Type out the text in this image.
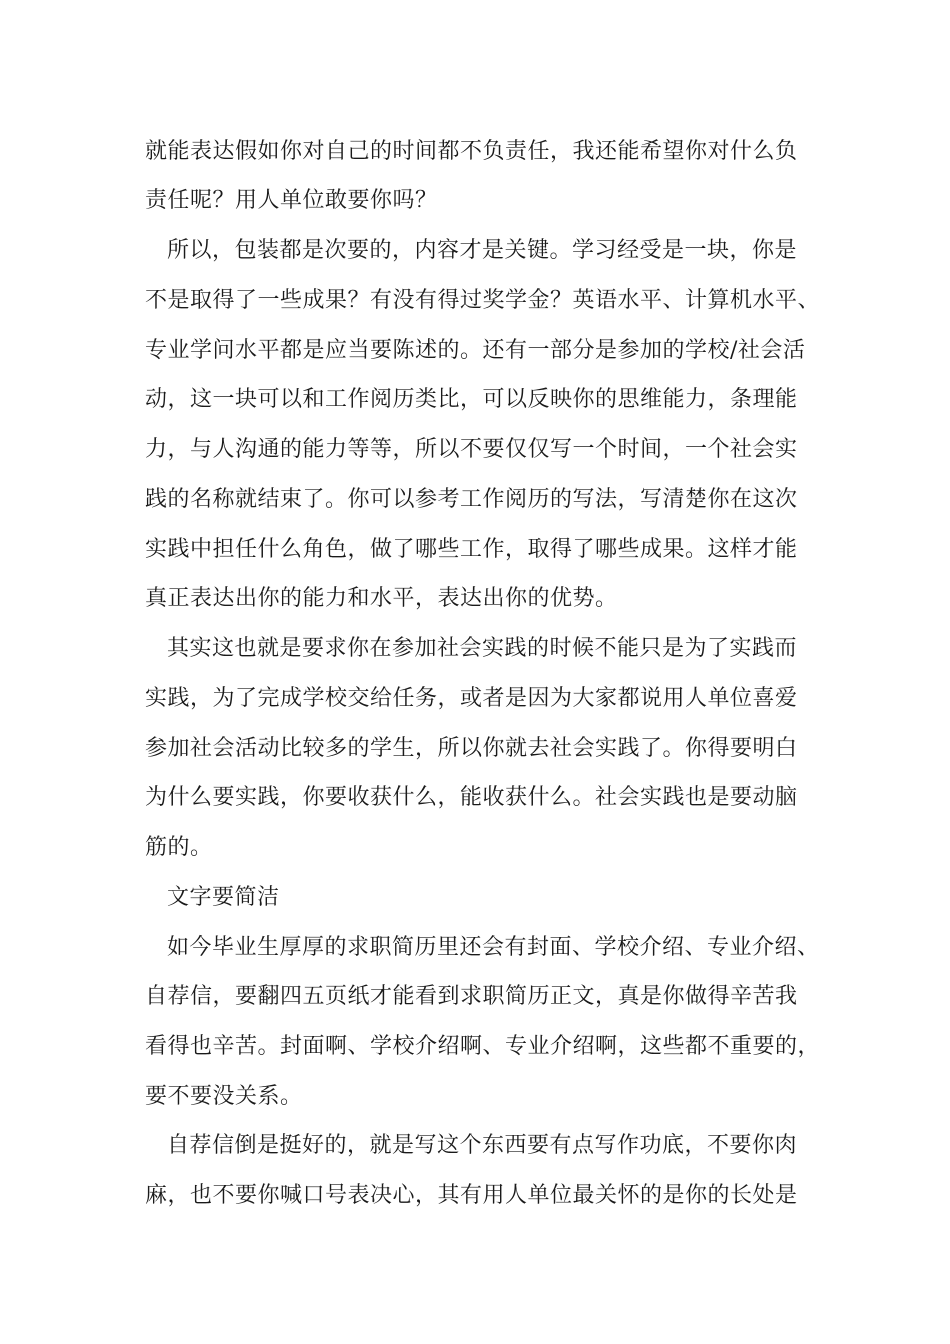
就能表达假如你对自己的时间都不负责任，我还能希望你对什么负

责任呢？用人单位敢要你吗？

所以，包装都是次要的，内容才是关键。学习经受是一块，你是

不是取得了一些成果？有没有得过奖学金？英语水平、计算机水平、

专业学问水平都是应当要陈述的。还有一部分是参加的学校/社会活

动，这一块可以和工作阅历类比，可以反映你的思维能力，条理能

力，与人沟通的能力等等，所以不要仅仅写一个时间，一个社会实

践的名称就结束了。你可以参考工作阅历的写法，写清楚你在这次

实践中担任什么角色，做了哪些工作，取得了哪些成果。这样才能

真正表达出你的能力和水平，表达出你的优势。

其实这也就是要求你在参加社会实践的时候不能只是为了实践而

实践，为了完成学校交给任务，或者是因为大家都说用人单位喜爱

参加社会活动比较多的学生，所以你就去社会实践了。你得要明白

为什么要实践，你要收获什么，能收获什么。社会实践也是要动脑

筋的。

文字要简洁

如今毕业生厚厚的求职简历里还会有封面、学校介绍、专业介绍、

自荐信，要翻四五页纸才能看到求职简历正文，真是你做得辛苦我

看得也辛苦。封面啊、学校介绍啊、专业介绍啊，这些都不重要的，

要不要没关系。

自荐信倒是挺好的，就是写这个东西要有点写作功底，不要你肉

麻，也不要你喊口号表决心，其有用人单位最关怀的是你的长处是
